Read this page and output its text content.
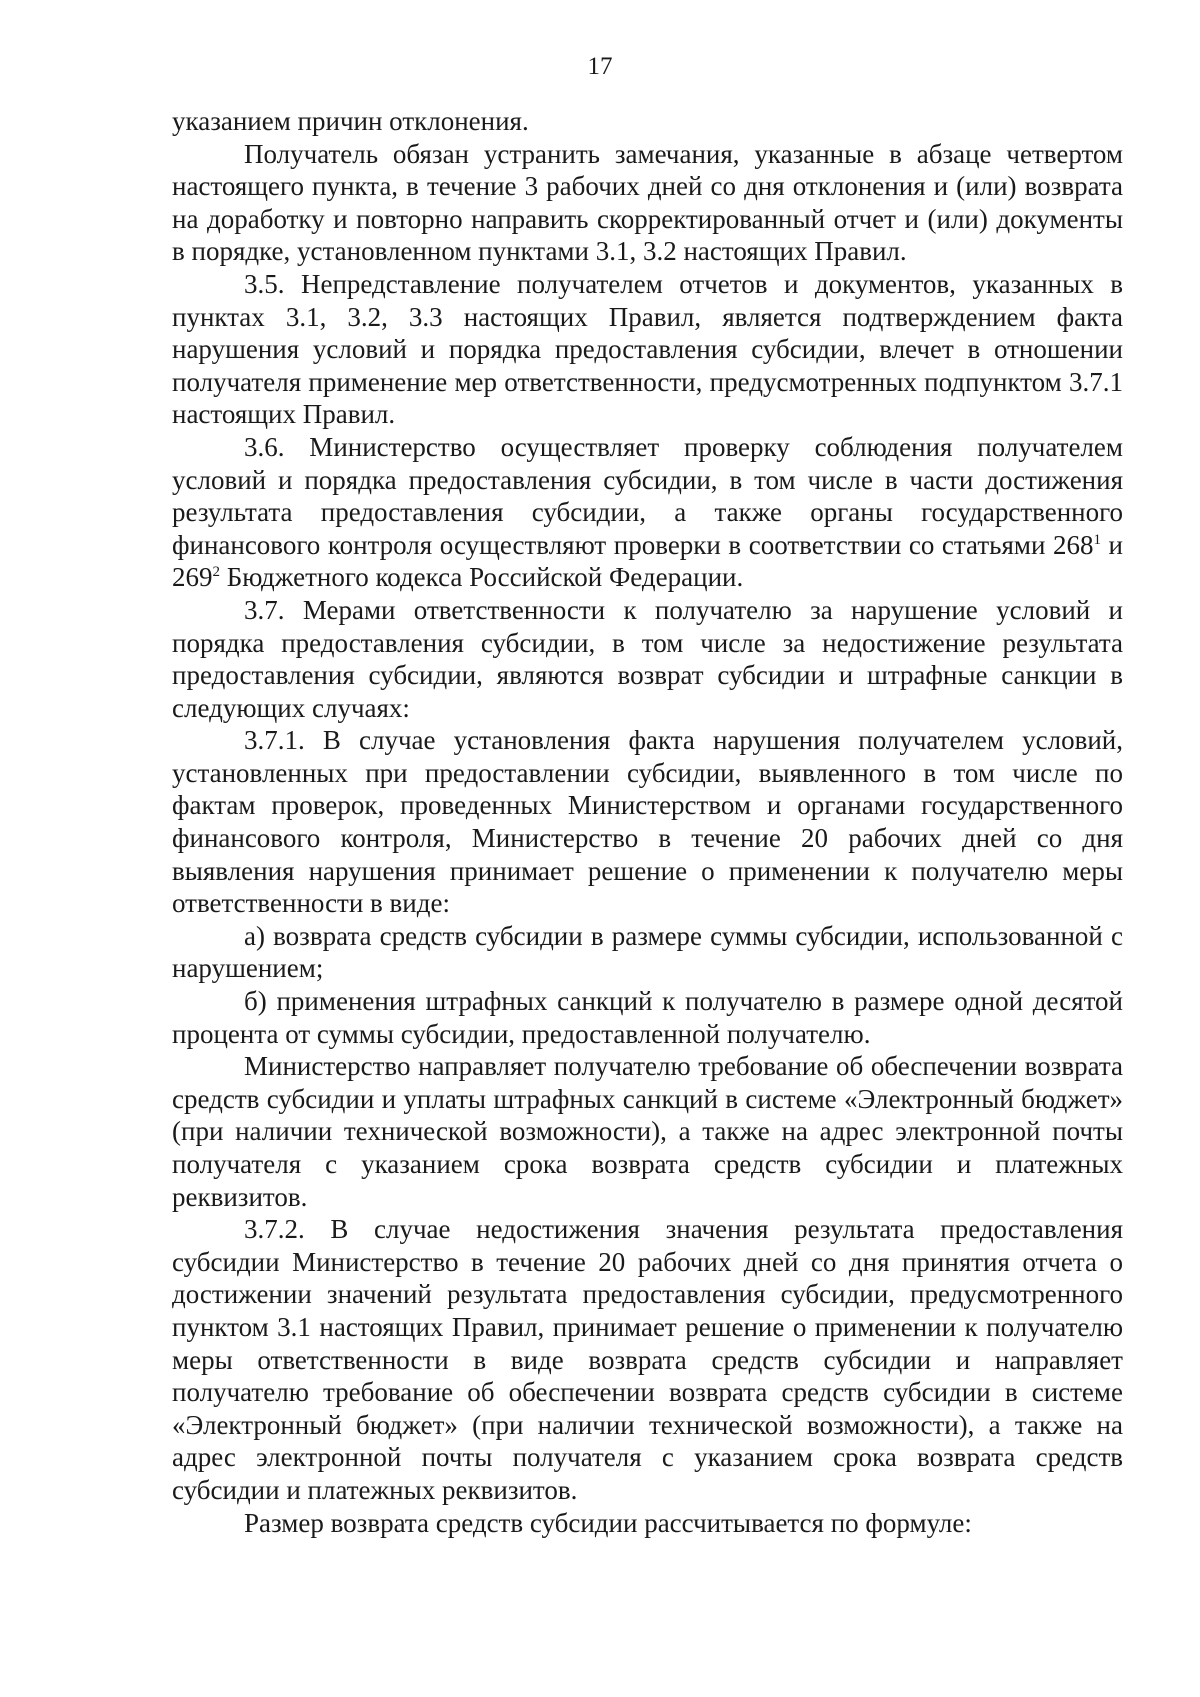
17

указанием причин отклонения.

Получатель обязан устранить замечания, указанные в абзаце четвертом настоящего пункта, в течение 3 рабочих дней со дня отклонения и (или) возврата на доработку и повторно направить скорректированный отчет и (или) документы в порядке, установленном пунктами 3.1, 3.2 настоящих Правил.

3.5. Непредставление получателем отчетов и документов, указанных в пунктах 3.1, 3.2, 3.3 настоящих Правил, является подтверждением факта нарушения условий и порядка предоставления субсидии, влечет в отношении получателя применение мер ответственности, предусмотренных подпунктом 3.7.1 настоящих Правил.

3.6. Министерство осуществляет проверку соблюдения получателем условий и порядка предоставления субсидии, в том числе в части достижения результата предоставления субсидии, а также органы государственного финансового контроля осуществляют проверки в соответствии со статьями $268^1$ и $269^2$ Бюджетного кодекса Российской Федерации.

3.7. Мерами ответственности к получателю за нарушение условий и порядка предоставления субсидии, в том числе за недостижение результата предоставления субсидии, являются возврат субсидии и штрафные санкции в следующих случаях:

3.7.1. В случае установления факта нарушения получателем условий, установленных при предоставлении субсидии, выявленного в том числе по фактам проверок, проведенных Министерством и органами государственного финансового контроля, Министерство в течение 20 рабочих дней со дня выявления нарушения принимает решение о применении к получателю меры ответственности в виде:

а) возврата средств субсидии в размере суммы субсидии, использованной с нарушением;

б) применения штрафных санкций к получателю в размере одной десятой процента от суммы субсидии, предоставленной получателю.

Министерство направляет получателю требование об обеспечении возврата средств субсидии и уплаты штрафных санкций в системе «Электронный бюджет» (при наличии технической возможности), а также на адрес электронной почты получателя с указанием срока возврата средств субсидии и платежных реквизитов.

3.7.2. В случае недостижения значения результата предоставления субсидии Министерство в течение 20 рабочих дней со дня принятия отчета о достижении значений результата предоставления субсидии, предусмотренного пунктом 3.1 настоящих Правил, принимает решение о применении к получателю меры ответственности в виде возврата средств субсидии и направляет получателю требование об обеспечении возврата средств субсидии в системе «Электронный бюджет» (при наличии технической возможности), а также на адрес электронной почты получателя с указанием срока возврата средств субсидии и платежных реквизитов.

Размер возврата средств субсидии рассчитывается по формуле:
